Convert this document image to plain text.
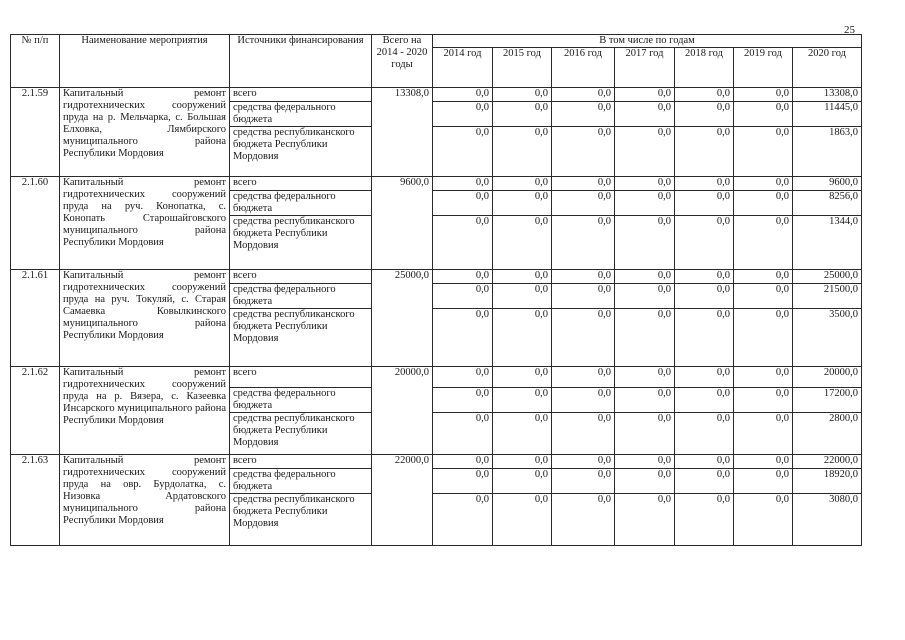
25
№ п/п	Наименование мероприятия	Источники финансирования	Всего на 2014 - 2020 годы	В том числе по годам						
				2014 год	2015 год	2016 год	2017 год	2018 год	2019 год	2020 год
2.1.59	Капитальный ремонт гидротехнических сооружений пруда на р. Мельчарка, с. Большая Елховка, Лямбирского муниципального района Республики Мордовия	всего	13308,0	0,0	0,0	0,0	0,0	0,0	0,0	13308,0
		средства федерального бюджета		0,0	0,0	0,0	0,0	0,0	0,0	11445,0
		средства республиканского бюджета Республики Мордовия		0,0	0,0	0,0	0,0	0,0	0,0	1863,0
2.1.60	Капитальный ремонт гидротехнических сооружений пруда на руч. Конопатка, с. Конопать Старошайговского муниципального района Республики Мордовия	всего	9600,0	0,0	0,0	0,0	0,0	0,0	0,0	9600,0
		средства федерального бюджета		0,0	0,0	0,0	0,0	0,0	0,0	8256,0
		средства республиканского бюджета Республики Мордовия		0,0	0,0	0,0	0,0	0,0	0,0	1344,0
2.1.61	Капитальный ремонт гидротехнических сооружений пруда на руч. Токуляй, с. Старая Самаевка Ковылкинского муниципального района Республики Мордовия	всего	25000,0	0,0	0,0	0,0	0,0	0,0	0,0	25000,0
		средства федерального бюджета		0,0	0,0	0,0	0,0	0,0	0,0	21500,0
		средства республиканского бюджета Республики Мордовия		0,0	0,0	0,0	0,0	0,0	0,0	3500,0
2.1.62	Капитальный ремонт гидротехнических сооружений пруда на р. Вязера, с. Казеевка Инсарского муниципального района Республики Мордовия	всего	20000,0	0,0	0,0	0,0	0,0	0,0	0,0	20000,0
		средства федерального бюджета		0,0	0,0	0,0	0,0	0,0	0,0	17200,0
		средства республиканского бюджета Республики Мордовия		0,0	0,0	0,0	0,0	0,0	0,0	2800,0
2.1.63	Капитальный ремонт гидротехнических сооружений пруда на овр. Бурдолатка, с. Низовка Ардатовского муниципального района Республики Мордовия	всего	22000,0	0,0	0,0	0,0	0,0	0,0	0,0	22000,0
		средства федерального бюджета		0,0	0,0	0,0	0,0	0,0	0,0	18920,0
		средства республиканского бюджета Республики Мордовия		0,0	0,0	0,0	0,0	0,0	0,0	3080,0
